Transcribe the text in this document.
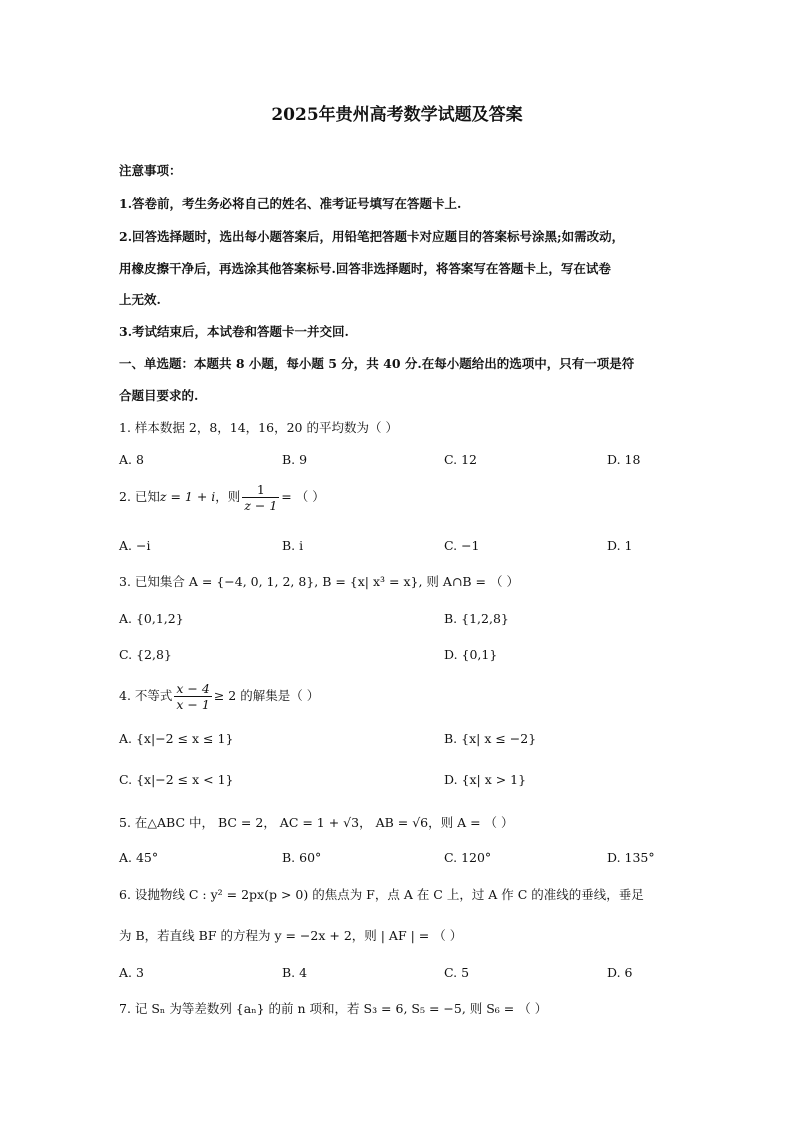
2025年贵州高考数学试题及答案
注意事项：
1.答卷前，考生务必将自己的姓名、准考证号填写在答题卡上.
2.回答选择题时，选出每小题答案后，用铅笔把答题卡对应题目的答案标号涂黑;如需改动，
用橡皮擦干净后，再选涂其他答案标号.回答非选择题时，将答案写在答题卡上，写在试卷
上无效.
3.考试结束后，本试卷和答题卡一并交回.
一、单选题：本题共 8 小题，每小题 5 分，共 40 分.在每小题给出的选项中，只有一项是符
合题目要求的.
1. 样本数据 2，8，14，16，20 的平均数为（ ）
A. 8	B. 9	C. 12	D. 18
2. 已知z = 1 + i，则 $\frac{1}{z - 1}$ = （ ）
A. −i	B. i	C. −1	D. 1
3. 已知集合 A = {−4, 0, 1, 2, 8}, B = {x| x³ = x}, 则 A∩B = （ ）
A. {0,1,2}	B. {1,2,8}
C. {2,8}	D. {0,1}
4. 不等式 $\frac{x - 4}{x - 1} \ge 2$ 的解集是（ ）
A. {x|−2 ≤ x ≤ 1}	B. {x| x ≤ −2}
C. {x|−2 ≤ x < 1}	D. {x| x > 1}
5. 在△ABC 中， BC = 2， AC = 1 + √3， AB = √6，则 A = （ ）
A. 45°	B. 60°	C. 120°	D. 135°
6. 设抛物线 C : y² = 2px(p > 0) 的焦点为 F，点 A 在 C 上，过 A 作 C 的准线的垂线，垂足
为 B，若直线 BF 的方程为 y = −2x + 2，则 | AF | = （ ）
A. 3	B. 4	C. 5	D. 6
7. 记 Sₙ 为等差数列 {aₙ} 的前 n 项和，若 S₃ = 6, S₅ = −5, 则 S₆ = （ ）
